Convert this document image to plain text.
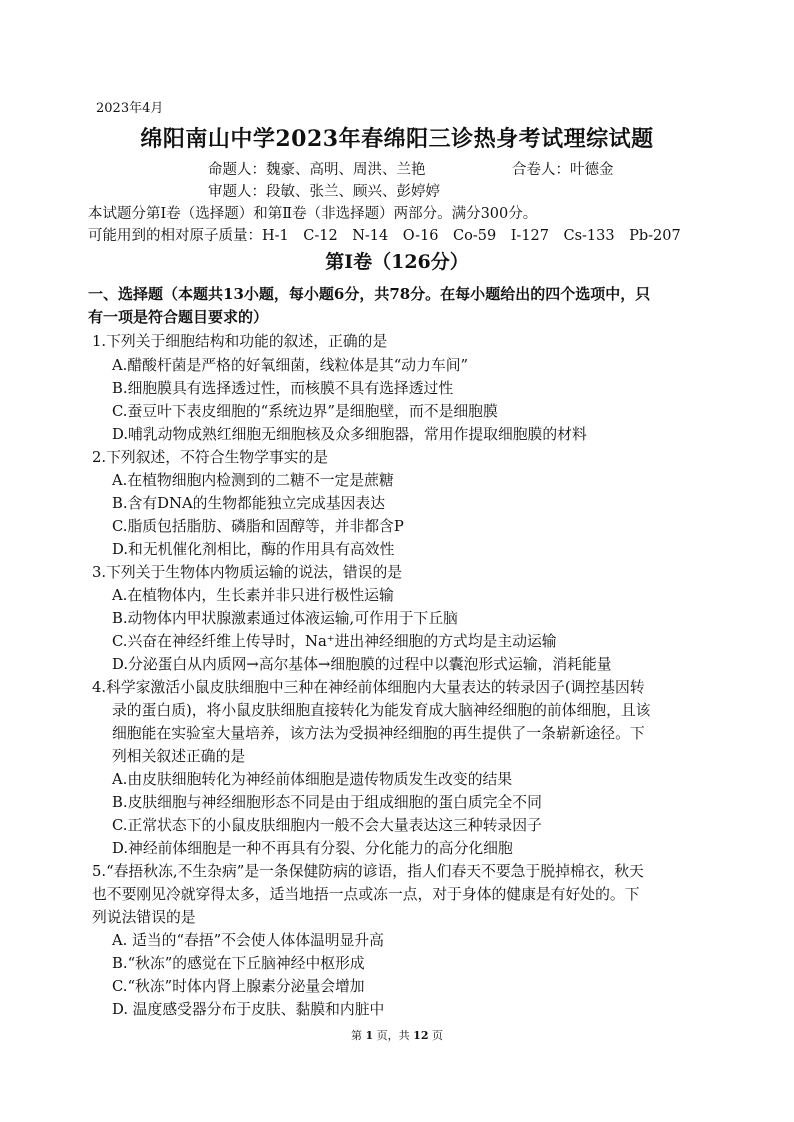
2023年4月
绵阳南山中学2023年春绵阳三诊热身考试理综试题
命题人：魏豪、高明、周洪、兰艳	合卷人：叶德金
审题人：段敏、张兰、顾兴、彭婷婷
本试题分第Ⅰ卷（选择题）和第Ⅱ卷（非选择题）两部分。满分300分。
可能用到的相对原子质量：H-1　C-12　N-14　O-16　Co-59　I-127　Cs-133　Pb-207
第Ⅰ卷（126分）
一、选择题（本题共13小题，每小题6分，共78分。在每小题给出的四个选项中，只
有一项是符合题目要求的）
1.下列关于细胞结构和功能的叙述，正确的是
A.醋酸杆菌是严格的好氧细菌，线粒体是其“动力车间”
B.细胞膜具有选择透过性，而核膜不具有选择透过性
C.蚕豆叶下表皮细胞的“系统边界”是细胞壁，而不是细胞膜
D.哺乳动物成熟红细胞无细胞核及众多细胞器，常用作提取细胞膜的材料
2.下列叙述，不符合生物学事实的是
A.在植物细胞内检测到的二糖不一定是蔗糖
B.含有DNA的生物都能独立完成基因表达
C.脂质包括脂肪、磷脂和固醇等，并非都含P
D.和无机催化剂相比，酶的作用具有高效性
3.下列关于生物体内物质运输的说法，错误的是
A.在植物体内，生长素并非只进行极性运输
B.动物体内甲状腺激素通过体液运输,可作用于下丘脑
C.兴奋在神经纤维上传导时，Na⁺进出神经细胞的方式均是主动运输
D.分泌蛋白从内质网→高尔基体→细胞膜的过程中以囊泡形式运输，消耗能量
4.科学家激活小鼠皮肤细胞中三种在神经前体细胞内大量表达的转录因子(调控基因转
录的蛋白质)，将小鼠皮肤细胞直接转化为能发育成大脑神经细胞的前体细胞，且该
细胞能在实验室大量培养，该方法为受损神经细胞的再生提供了一条崭新途径。下
列相关叙述正确的是
A.由皮肤细胞转化为神经前体细胞是遗传物质发生改变的结果
B.皮肤细胞与神经细胞形态不同是由于组成细胞的蛋白质完全不同
C.正常状态下的小鼠皮肤细胞内一般不会大量表达这三种转录因子
D.神经前体细胞是一种不再具有分裂、分化能力的高分化细胞
5.“春捂秋冻,不生杂病”是一条保健防病的谚语，指人们春天不要急于脱掉棉衣，秋天
也不要刚见冷就穿得太多，适当地捂一点或冻一点，对于身体的健康是有好处的。下
列说法错误的是
A. 适当的“春捂”不会使人体体温明显升高
B.“秋冻”的感觉在下丘脑神经中枢形成
C.“秋冻”时体内肾上腺素分泌量会增加
D. 温度感受器分布于皮肤、黏膜和内脏中
第 1 页，共 12 页
